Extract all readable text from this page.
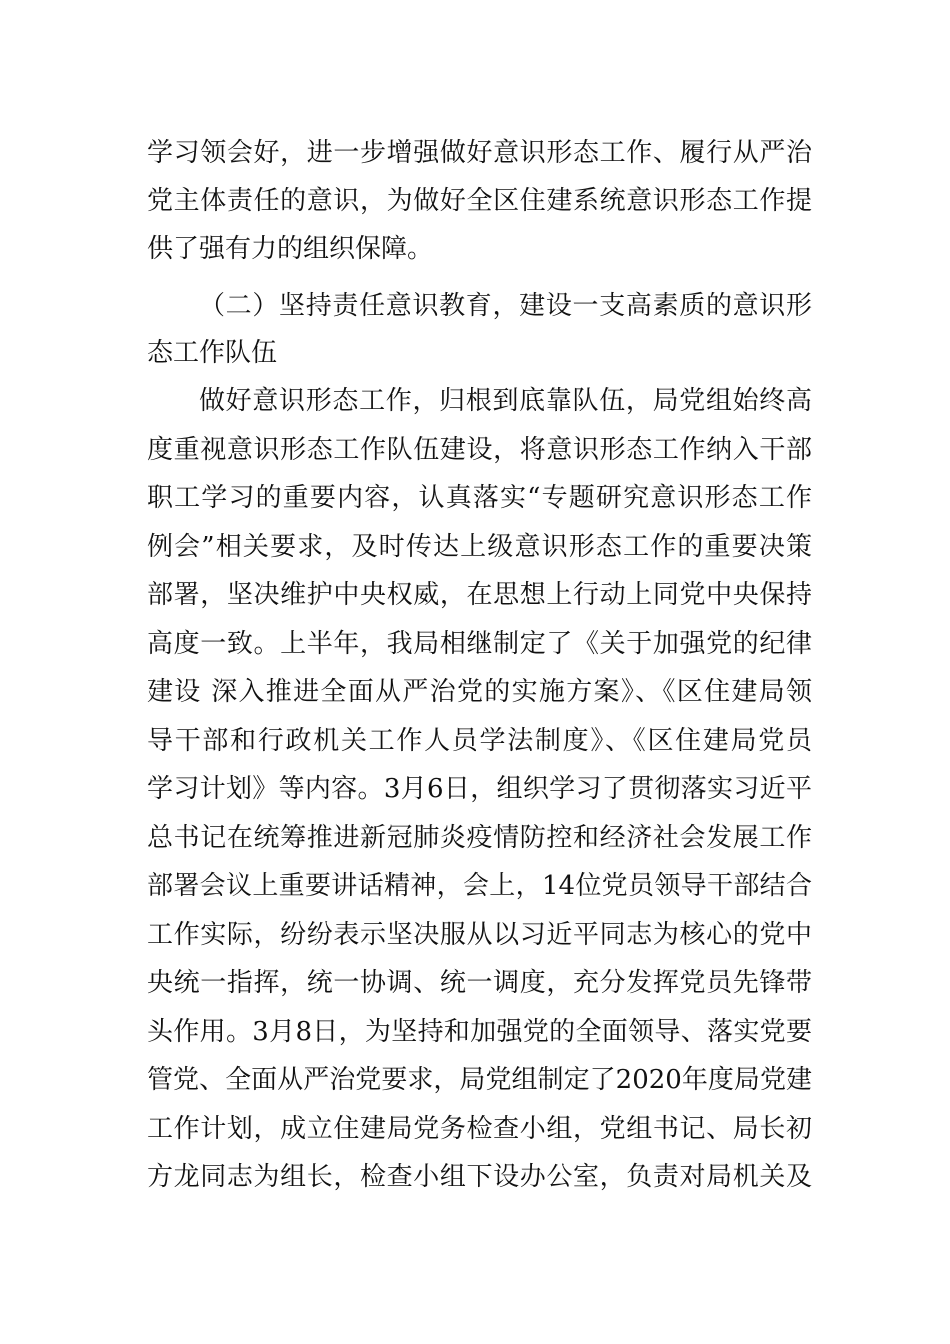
学习领会好，进一步增强做好意识形态工作、履行从严治
党主体责任的意识，为做好全区住建系统意识形态工作提
供了强有力的组织保障。
（二）坚持责任意识教育，建设一支高素质的意识形
态工作队伍
做好意识形态工作，归根到底靠队伍，局党组始终高
度重视意识形态工作队伍建设，将意识形态工作纳入干部
职工学习的重要内容，认真落实“专题研究意识形态工作
例会”相关要求，及时传达上级意识形态工作的重要决策
部署，坚决维护中央权威，在思想上行动上同党中央保持
高度一致。上半年，我局相继制定了《关于加强党的纪律
建设 深入推进全面从严治党的实施方案》、《区住建局领
导干部和行政机关工作人员学法制度》、《区住建局党员
学习计划》等内容。3月6日，组织学习了贯彻落实习近平
总书记在统筹推进新冠肺炎疫情防控和经济社会发展工作
部署会议上重要讲话精神，会上，14位党员领导干部结合
工作实际，纷纷表示坚决服从以习近平同志为核心的党中
央统一指挥，统一协调、统一调度，充分发挥党员先锋带
头作用。3月8日，为坚持和加强党的全面领导、落实党要
管党、全面从严治党要求，局党组制定了2020年度局党建
工作计划，成立住建局党务检查小组，党组书记、局长初
方龙同志为组长，检查小组下设办公室，负责对局机关及
